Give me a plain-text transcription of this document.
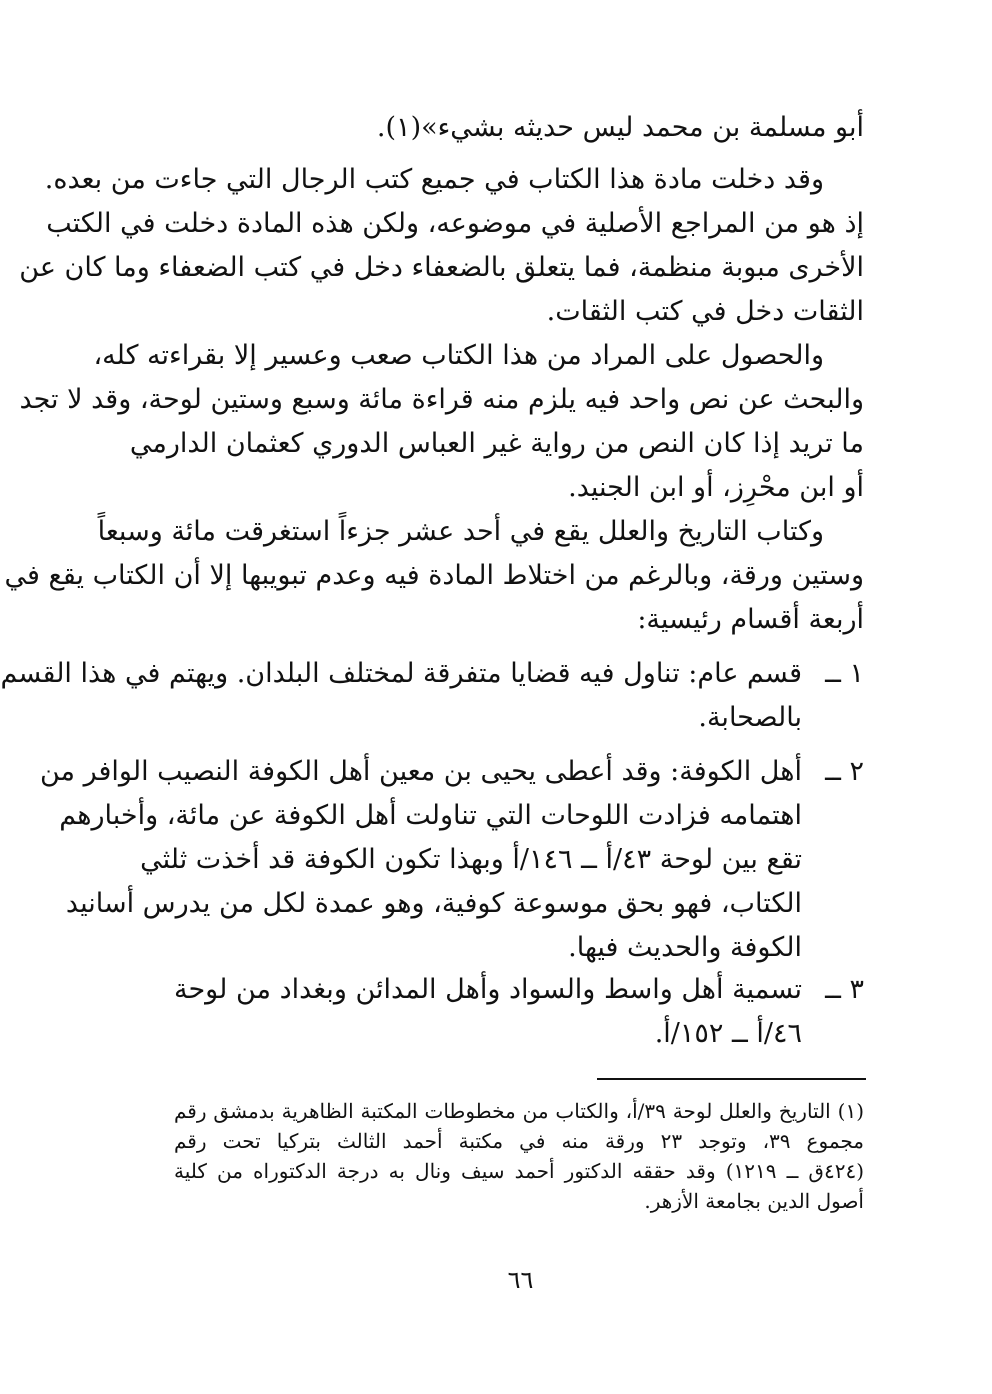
أبو مسلمة بن محمد ليس حديثه بشيء»(١).
وقد دخلت مادة هذا الكتاب في جميع كتب الرجال التي جاءت من بعده.
إذ هو من المراجع الأصلية في موضوعه، ولكن هذه المادة دخلت في الكتب
الأخرى مبوبة منظمة، فما يتعلق بالضعفاء دخل في كتب الضعفاء وما كان عن
الثقات دخل في كتب الثقات.
والحصول على المراد من هذا الكتاب صعب وعسير إلا بقراءته كله،
والبحث عن نص واحد فيه يلزم منه قراءة مائة وسبع وستين لوحة، وقد لا تجد
ما تريد إذا كان النص من رواية غير العباس الدوري كعثمان الدارمي
أو ابن محْرِز، أو ابن الجنيد.
وكتاب التاريخ والعلل يقع في أحد عشر جزءاً استغرقت مائة وسبعاً
وستين ورقة، وبالرغم من اختلاط المادة فيه وعدم تبويبها إلا أن الكتاب يقع في
أربعة أقسام رئيسية:
١ ــ
قسم عام: تناول فيه قضايا متفرقة لمختلف البلدان. ويهتم في هذا القسم
بالصحابة.
٢ ــ
أهل الكوفة: وقد أعطى يحيى بن معين أهل الكوفة النصيب الوافر من
اهتمامه فزادت اللوحات التي تناولت أهل الكوفة عن مائة، وأخبارهم
تقع بين لوحة ٤٣/أ ــ ١٤٦/أ وبهذا تكون الكوفة قد أخذت ثلثي
الكتاب، فهو بحق موسوعة كوفية، وهو عمدة لكل من يدرس أسانيد
الكوفة والحديث فيها.
٣ ــ
تسمية أهل واسط والسواد وأهل المدائن وبغداد من لوحة
٤٦/أ ــ ١٥٢/أ.
(١) التاريخ والعلل لوحة ٣٩/أ، والكتاب من مخطوطات المكتبة الظاهرية بدمشق رقم
مجموع ٣٩، وتوجد ٢٣ ورقة منه في مكتبة أحمد الثالث بتركيا تحت رقم
(٤٢٤ق ــ ١٢١٩) وقد حققه الدكتور أحمد سيف ونال به درجة الدكتوراه من كلية
أصول الدين بجامعة الأزهر.
٦٦
